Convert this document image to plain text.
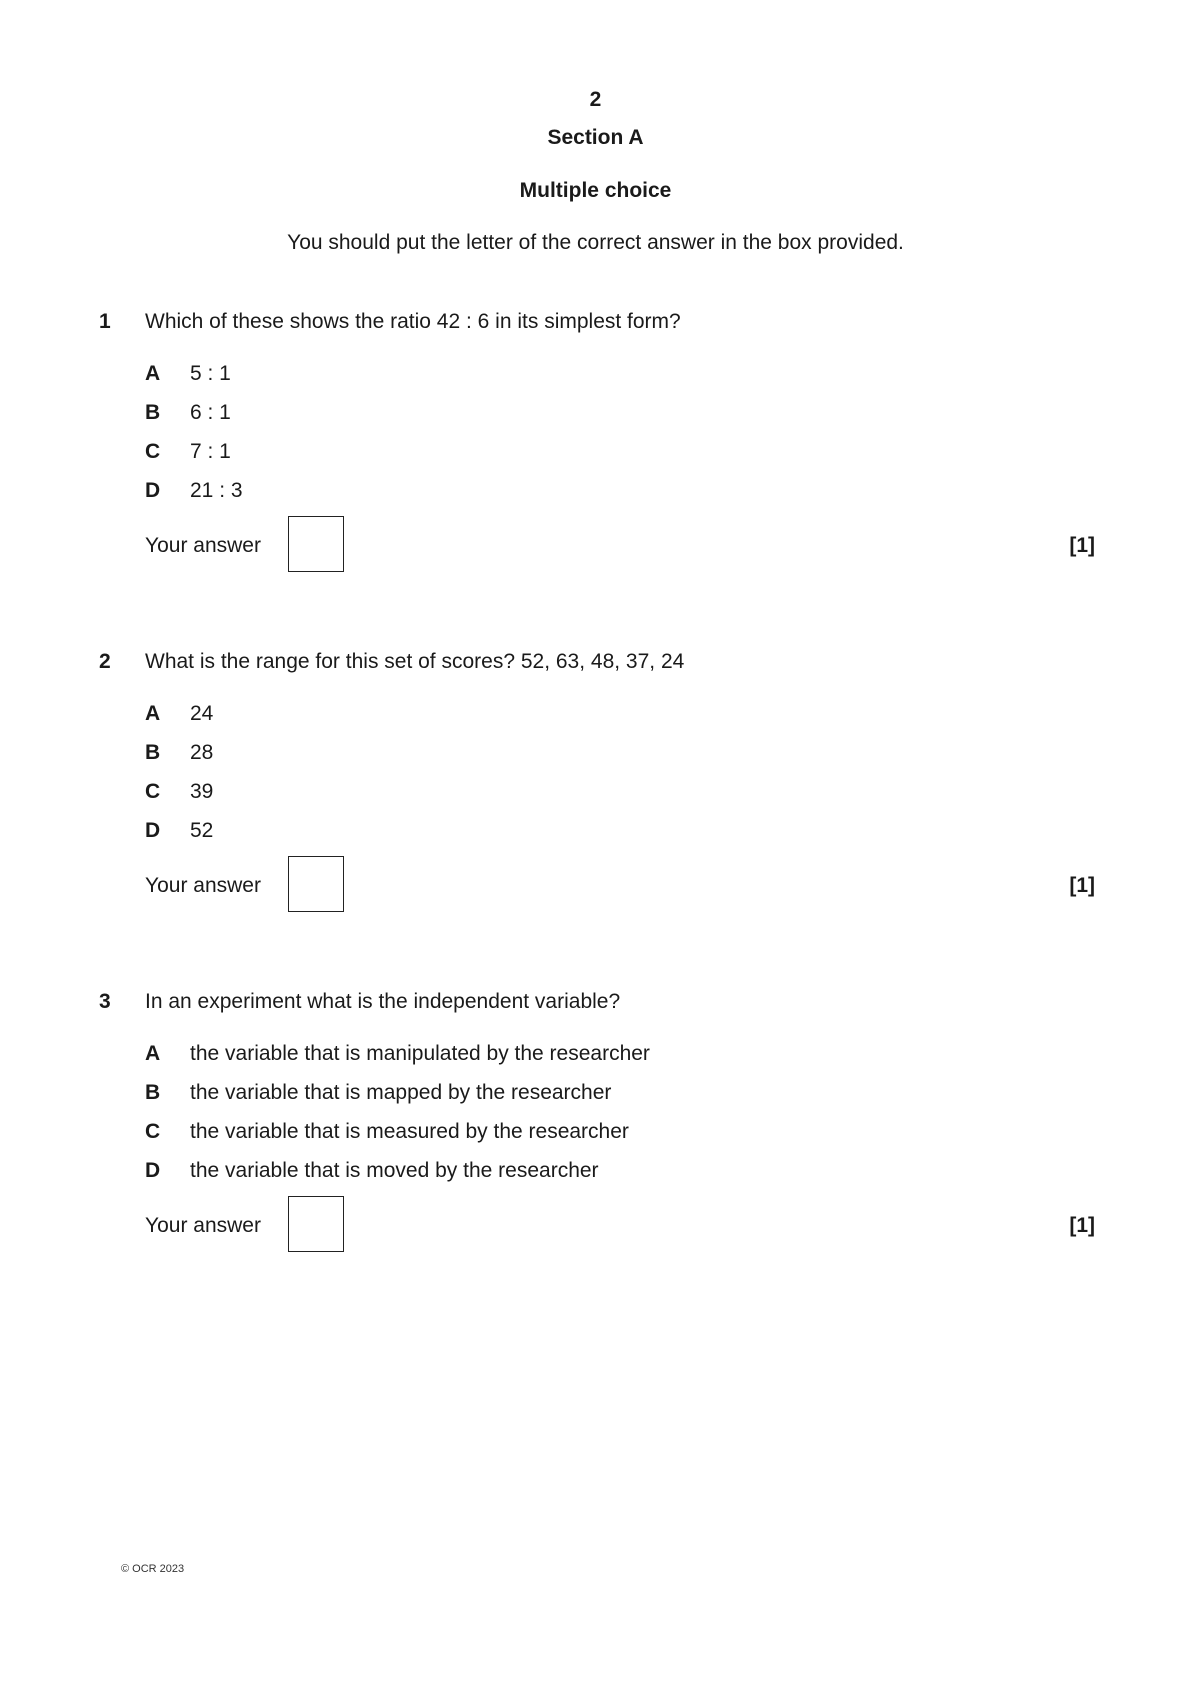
2
Section A
Multiple choice
You should put the letter of the correct answer in the box provided.
1 Which of these shows the ratio 42 : 6 in its simplest form?
A 5 : 1
B 6 : 1
C 7 : 1
D 21 : 3
Your answer	[1]
2 What is the range for this set of scores? 52, 63, 48, 37, 24
A 24
B 28
C 39
D 52
Your answer	[1]
3 In an experiment what is the independent variable?
A the variable that is manipulated by the researcher
B the variable that is mapped by the researcher
C the variable that is measured by the researcher
D the variable that is moved by the researcher
Your answer	[1]
© OCR 2023
